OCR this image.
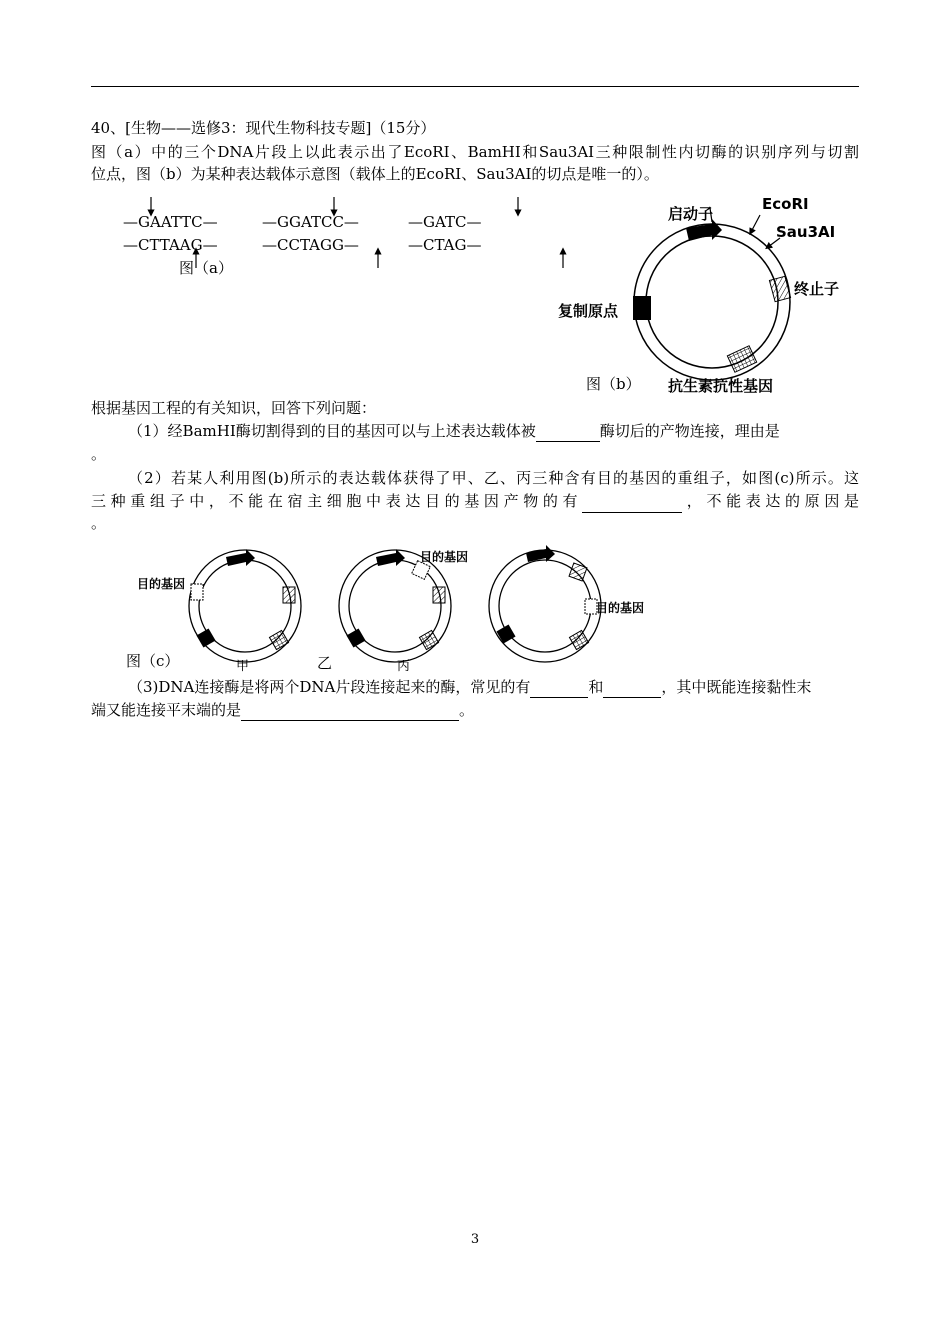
40、[生物——选修3：现代生物科技专题]（15分）
图（a）中的三个DNA片段上以此表示出了EcoRI、BamHI和Sau3AI三种限制性内切酶的识别序列与切割
位点，图（b）为某种表达载体示意图（载体上的EcoRI、Sau3AI的切点是唯一的）。
—GAATTC—
—CTTAAG—
—GGATCC—
—CCTAGG—
—GATC—
—CTAG—
图（a）
启动子
EcoRI
Sau3AI
终止子
复制原点
抗生素抗性基因
图（b）
根据基因工程的有关知识，回答下列问题：
（1）经BamHI酶切割得到的目的基因可以与上述表达载体被	酶切后的产物连接，理由是
。
（2）若某人利用图(b)所示的表达载体获得了甲、乙、丙三种含有目的基因的重组子，如图(c)所示。这
三种重组子中，不能在宿主细胞中表达目的基因产物的有	，不能表达的原因是
。
目的基因
目的基因
目的基因
图（c）	甲	乙	丙
（3)DNA连接酶是将两个DNA片段连接起来的酶，常见的有	和	，其中既能连接黏性末
端又能连接平末端的是	。
3
